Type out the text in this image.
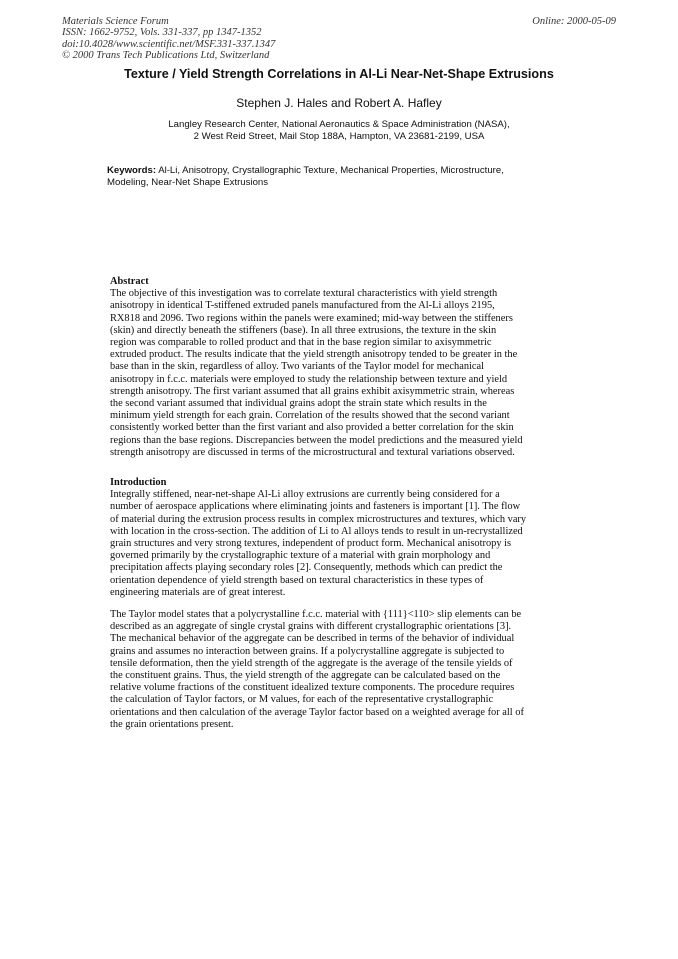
Materials Science Forum
ISSN: 1662-9752, Vols. 331-337, pp 1347-1352
doi:10.4028/www.scientific.net/MSF.331-337.1347
© 2000 Trans Tech Publications Ltd, Switzerland
Online: 2000-05-09
Texture / Yield Strength Correlations in Al-Li Near-Net-Shape Extrusions
Stephen J. Hales and Robert A. Hafley
Langley Research Center, National Aeronautics & Space Administration (NASA),
2 West Reid Street, Mail Stop 188A, Hampton, VA 23681-2199, USA
Keywords: Al-Li, Anisotropy, Crystallographic Texture, Mechanical Properties, Microstructure,
Modeling, Near-Net Shape Extrusions
Abstract

The objective of this investigation was to correlate textural characteristics with yield strength
anisotropy in identical T-stiffened extruded panels manufactured from the Al-Li alloys 2195,
RX818 and 2096. Two regions within the panels were examined; mid-way between the stiffeners
(skin) and directly beneath the stiffeners (base). In all three extrusions, the texture in the skin
region was comparable to rolled product and that in the base region similar to axisymmetric
extruded product. The results indicate that the yield strength anisotropy tended to be greater in the
base than in the skin, regardless of alloy. Two variants of the Taylor model for mechanical
anisotropy in f.c.c. materials were employed to study the relationship between texture and yield
strength anisotropy. The first variant assumed that all grains exhibit axisymmetric strain, whereas
the second variant assumed that individual grains adopt the strain state which results in the
minimum yield strength for each grain. Correlation of the results showed that the second variant
consistently worked better than the first variant and also provided a better correlation for the skin
regions than the base regions. Discrepancies between the model predictions and the measured yield
strength anisotropy are discussed in terms of the microstructural and textural variations observed.

Introduction

Integrally stiffened, near-net-shape Al-Li alloy extrusions are currently being considered for a
number of aerospace applications where eliminating joints and fasteners is important [1]. The flow
of material during the extrusion process results in complex microstructures and textures, which vary
with location in the cross-section. The addition of Li to Al alloys tends to result in un-recrystallized
grain structures and very strong textures, independent of product form. Mechanical anisotropy is
governed primarily by the crystallographic texture of a material with grain morphology and
precipitation affects playing secondary roles [2]. Consequently, methods which can predict the
orientation dependence of yield strength based on textural characteristics in these types of
engineering materials are of great interest.

The Taylor model states that a polycrystalline f.c.c. material with {111}<110> slip elements can be
described as an aggregate of single crystal grains with different crystallographic orientations [3].
The mechanical behavior of the aggregate can be described in terms of the behavior of individual
grains and assumes no interaction between grains. If a polycrystalline aggregate is subjected to
tensile deformation, then the yield strength of the aggregate is the average of the tensile yields of
the constituent grains. Thus, the yield strength of the aggregate can be calculated based on the
relative volume fractions of the constituent idealized texture components. The procedure requires
the calculation of Taylor factors, or M values, for each of the representative crystallographic
orientations and then calculation of the average Taylor factor based on a weighted average for all of
the grain orientations present.
